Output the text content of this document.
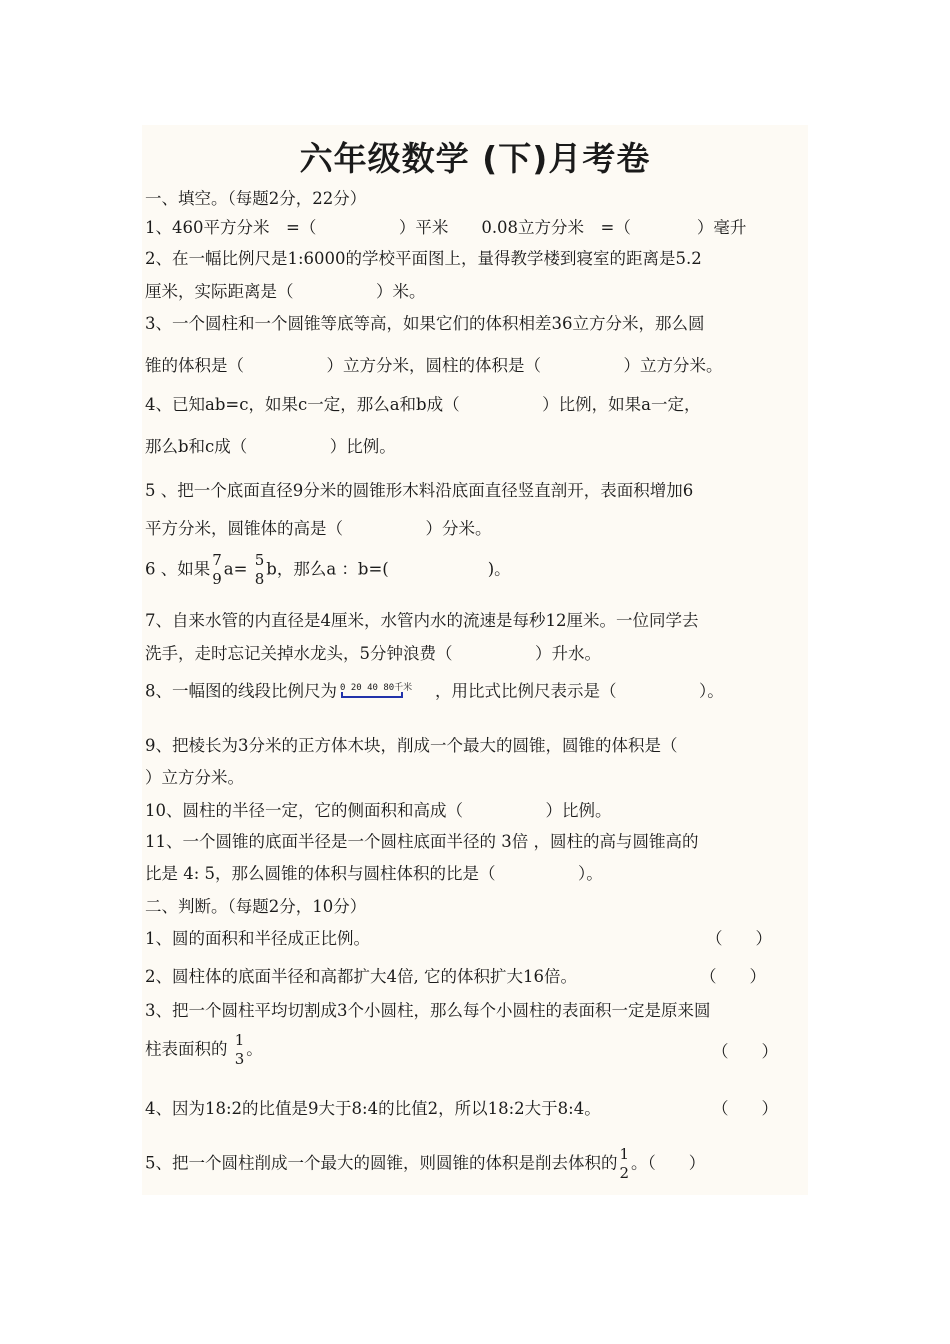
六年级数学 (下)月考卷
一、填空。（每题2分，22分）
1、460平方分米　=（　　　　　）平米　　0.08立方分米　=（　　　　）毫升
2、在一幅比例尺是1:6000的学校平面图上，量得教学楼到寝室的距离是5.2
厘米，实际距离是（　　　　　）米。
3、一个圆柱和一个圆锥等底等高，如果它们的体积相差36立方分米，那么圆
锥的体积是（　　　　　）立方分米，圆柱的体积是（　　　　　）立方分米。
4、已知ab=c，如果c一定，那么a和b成（　　　　　）比例，如果a一定，
那么b和c成（　　　　　）比例。
5 、把一个底面直径9分米的圆锥形木料沿底面直径竖直剖开，表面积增加6
平方分米，圆锥体的高是（　　　　　）分米。
6 、如果 7
9
a= 5
8
b，那么a ：b=(　　　　　　)。
7、自来水管的内直径是4厘米，水管内水的流速是每秒12厘米。一位同学去
洗手，走时忘记关掉水龙头，5分钟浪费（　　　　　）升水。
8、一幅图的线段比例尺为 0 20 40 80千米 ，用比式比例尺表示是（　　　　　）。
9、把棱长为3分米的正方体木块，削成一个最大的圆锥，圆锥的体积是（
）立方分米。
10、圆柱的半径一定，它的侧面积和高成（　　　　　）比例。
11、一个圆锥的底面半径是一个圆柱底面半径的 3倍 ，圆柱的高与圆锥高的
比是 4: 5，那么圆锥的体积与圆柱体积的比是（　　　　　）。
二、判断。（每题2分，10分）
1、圆的面积和半径成正比例。	（　　）
2、圆柱体的底面半径和高都扩大4倍, 它的体积扩大16倍。	（　　）
3、把一个圆柱平均切割成3个小圆柱，那么每个小圆柱的表面积一定是原来圆
柱表面积的 1
3
。	（　　）
4、因为18:2的比值是9大于8:4的比值2，所以18:2大于8:4。	（　　）
5、把一个圆柱削成一个最大的圆锥，则圆锥的体积是削去体积的 1
2
。（　　）
